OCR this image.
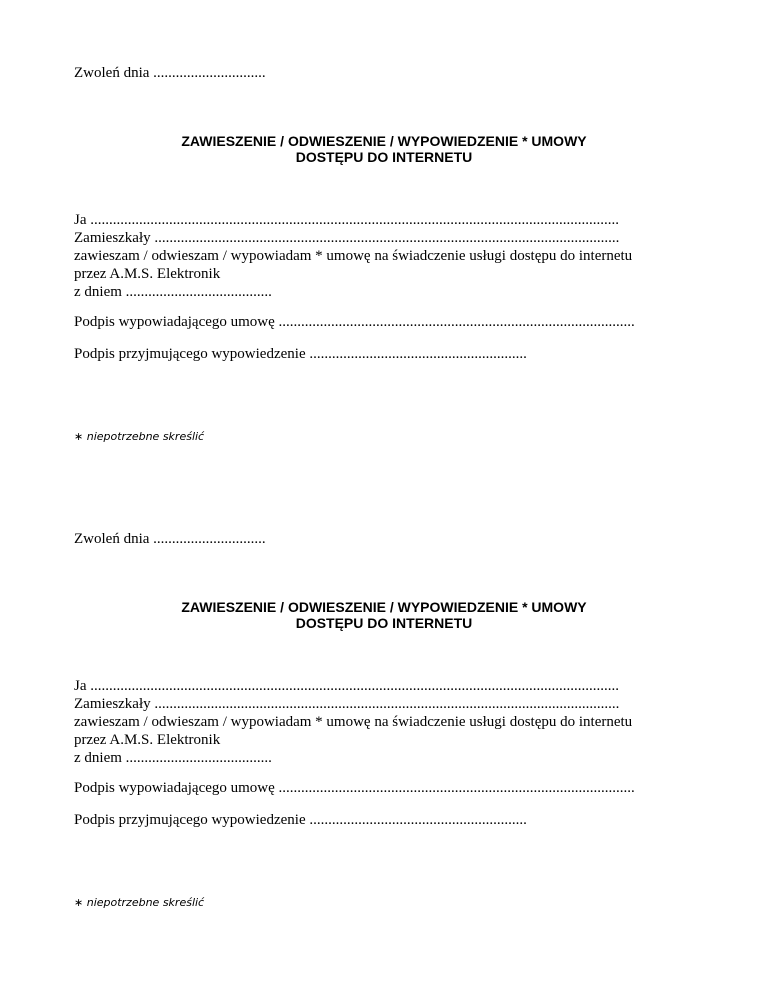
Zwoleń dnia ..............................
ZAWIESZENIE / ODWIESZENIE / WYPOWIEDZENIE * UMOWY
DOSTĘPU DO INTERNETU
Ja .............................................................................................................................................
Zamieszkały ............................................................................................................................
zawieszam / odwieszam / wypowiadam * umowę na świadczenie usługi dostępu do internetu
przez A.M.S. Elektronik
z dniem .......................................
Podpis wypowiadającego umowę ...............................................................................................
Podpis przyjmującego wypowiedzenie ..........................................................
∗ niepotrzebne skreślić
Zwoleń dnia ..............................
ZAWIESZENIE / ODWIESZENIE / WYPOWIEDZENIE * UMOWY
DOSTĘPU DO INTERNETU
Ja .............................................................................................................................................
Zamieszkały ............................................................................................................................
zawieszam / odwieszam / wypowiadam * umowę na świadczenie usługi dostępu do internetu
przez A.M.S. Elektronik
z dniem .......................................
Podpis wypowiadającego umowę ...............................................................................................
Podpis przyjmującego wypowiedzenie ..........................................................
∗ niepotrzebne skreślić
